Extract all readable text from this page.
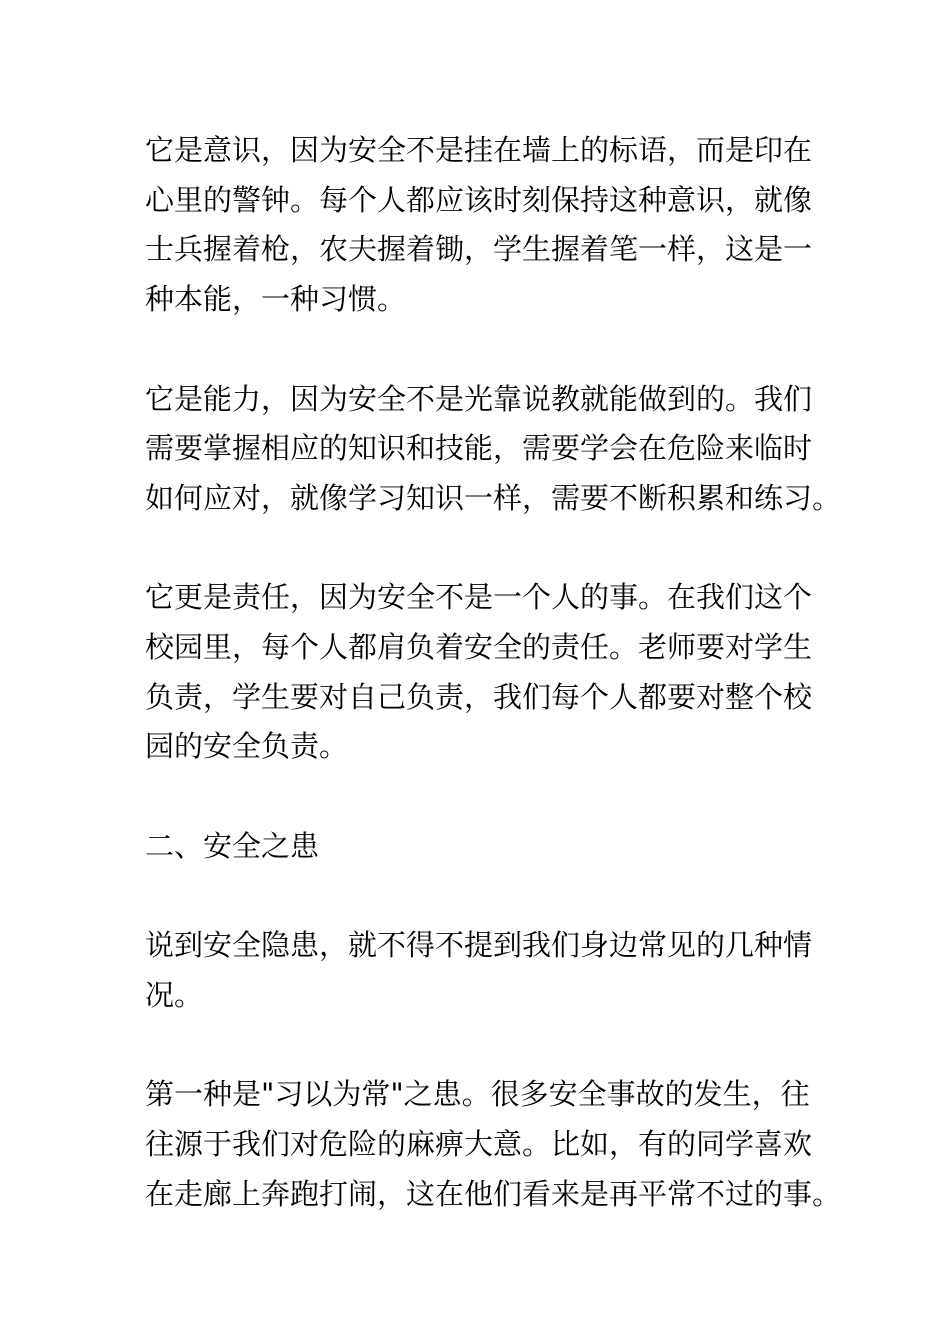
它是意识，因为安全不是挂在墙上的标语，而是印在
心里的警钟。每个人都应该时刻保持这种意识，就像
士兵握着枪，农夫握着锄，学生握着笔一样，这是一
种本能，一种习惯。
它是能力，因为安全不是光靠说教就能做到的。我们
需要掌握相应的知识和技能，需要学会在危险来临时
如何应对，就像学习知识一样，需要不断积累和练习。
它更是责任，因为安全不是一个人的事。在我们这个
校园里，每个人都肩负着安全的责任。老师要对学生
负责，学生要对自己负责，我们每个人都要对整个校
园的安全负责。
二、安全之患
说到安全隐患，就不得不提到我们身边常见的几种情
况。
第一种是"习以为常"之患。很多安全事故的发生，往
往源于我们对危险的麻痹大意。比如，有的同学喜欢
在走廊上奔跑打闹，这在他们看来是再平常不过的事。
